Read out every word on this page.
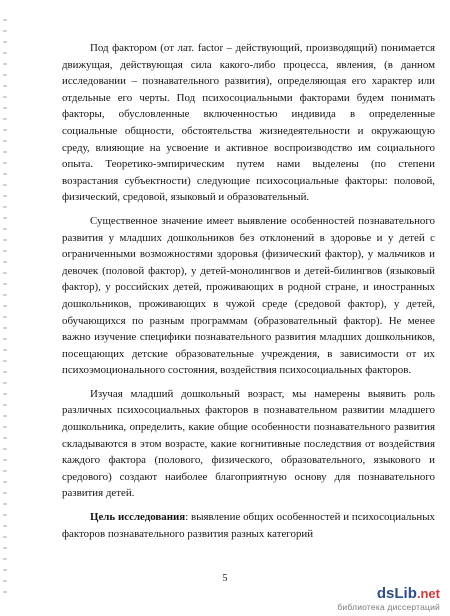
Под фактором (от лат. factor – действующий, производящий) понимается движущая, действующая сила какого-либо процесса, явления, (в данном исследовании – познавательного развития), определяющая его характер или отдельные его черты. Под психосоциальными факторами будем понимать факторы, обусловленные включенностью индивида в определенные социальные общности, обстоятельства жизнедеятельности и окружающую среду, влияющие на усвоение и активное воспроизводство им социального опыта. Теоретико-эмпирическим путем нами выделены (по степени возрастания субъектности) следующие психосоциальные факторы: половой, физический, средовой, языковый и образовательный.

Существенное значение имеет выявление особенностей познавательного развития у младших дошкольников без отклонений в здоровье и у детей с ограниченными возможностями здоровья (физический фактор), у мальчиков и девочек (половой фактор), у детей-монолингвов и детей-билингвов (языковый фактор), у российских детей, проживающих в родной стране, и иностранных дошкольников, проживающих в чужой среде (средовой фактор), у детей, обучающихся по разным программам (образовательный фактор). Не менее важно изучение специфики познавательного развития младших дошкольников, посещающих детские образовательные учреждения, в зависимости от их психоэмоционального состояния, воздействия психосоциальных факторов.

Изучая младший дошкольный возраст, мы намерены выявить роль различных психосоциальных факторов в познавательном развитии младшего дошкольника, определить, какие общие особенности познавательного развития складываются в этом возрасте, какие когнитивные последствия от воздействия каждого фактора (полового, физического, образовательного, языкового и средового) создают наиболее благоприятную основу для познавательного развития детей.

Цель исследования: выявление общих особенностей и психосоциальных факторов познавательного развития разных категорий

5
dsLib.net
библиотека диссертаций
